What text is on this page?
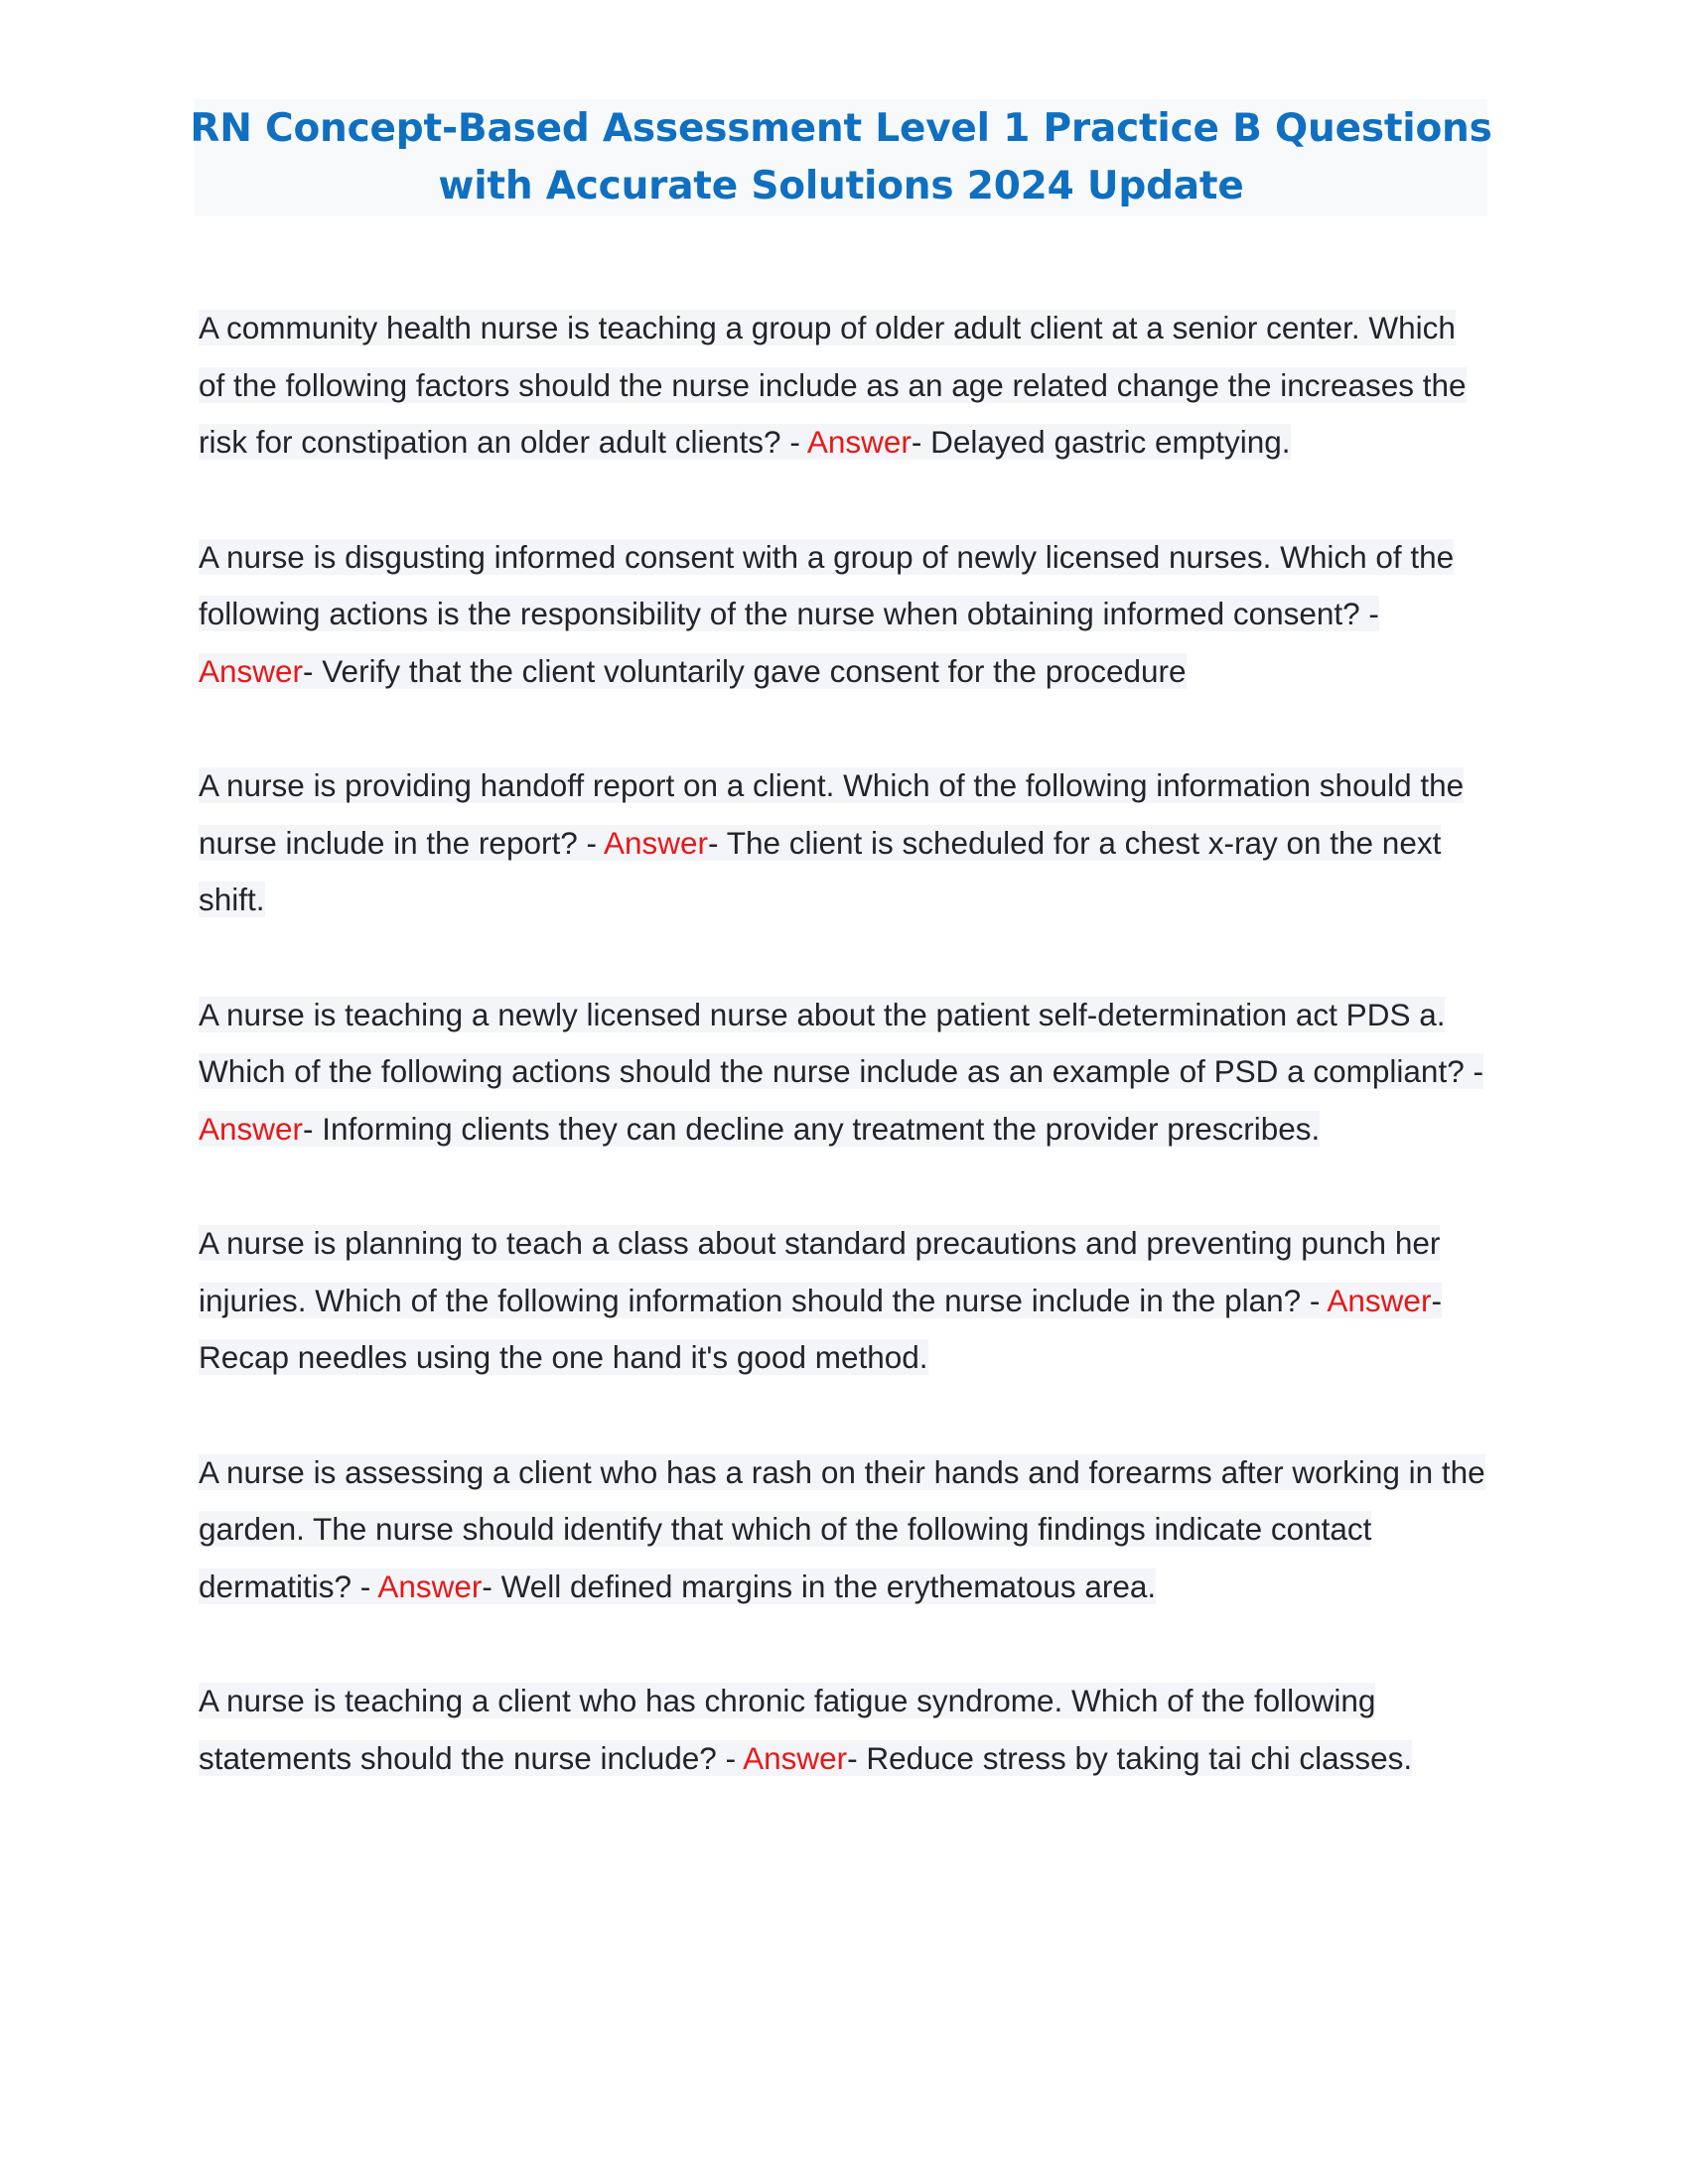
RN Concept-Based Assessment Level 1 Practice B Questions
with Accurate Solutions 2024 Update

A community health nurse is teaching a group of older adult client at a senior center. Which of the following factors should the nurse include as an age related change the increases the risk for constipation an older adult clients? - Answer- Delayed gastric emptying.

A nurse is disgusting informed consent with a group of newly licensed nurses. Which of the following actions is the responsibility of the nurse when obtaining informed consent? - Answer- Verify that the client voluntarily gave consent for the procedure

A nurse is providing handoff report on a client. Which of the following information should the nurse include in the report? - Answer- The client is scheduled for a chest x-ray on the next shift.

A nurse is teaching a newly licensed nurse about the patient self-determination act PDS a. Which of the following actions should the nurse include as an example of PSD a compliant? - Answer- Informing clients they can decline any treatment the provider prescribes.

A nurse is planning to teach a class about standard precautions and preventing punch her injuries. Which of the following information should the nurse include in the plan? - Answer- Recap needles using the one hand it's good method.

A nurse is assessing a client who has a rash on their hands and forearms after working in the garden. The nurse should identify that which of the following findings indicate contact dermatitis? - Answer- Well defined margins in the erythematous area.

A nurse is teaching a client who has chronic fatigue syndrome. Which of the following statements should the nurse include? - Answer- Reduce stress by taking tai chi classes.
